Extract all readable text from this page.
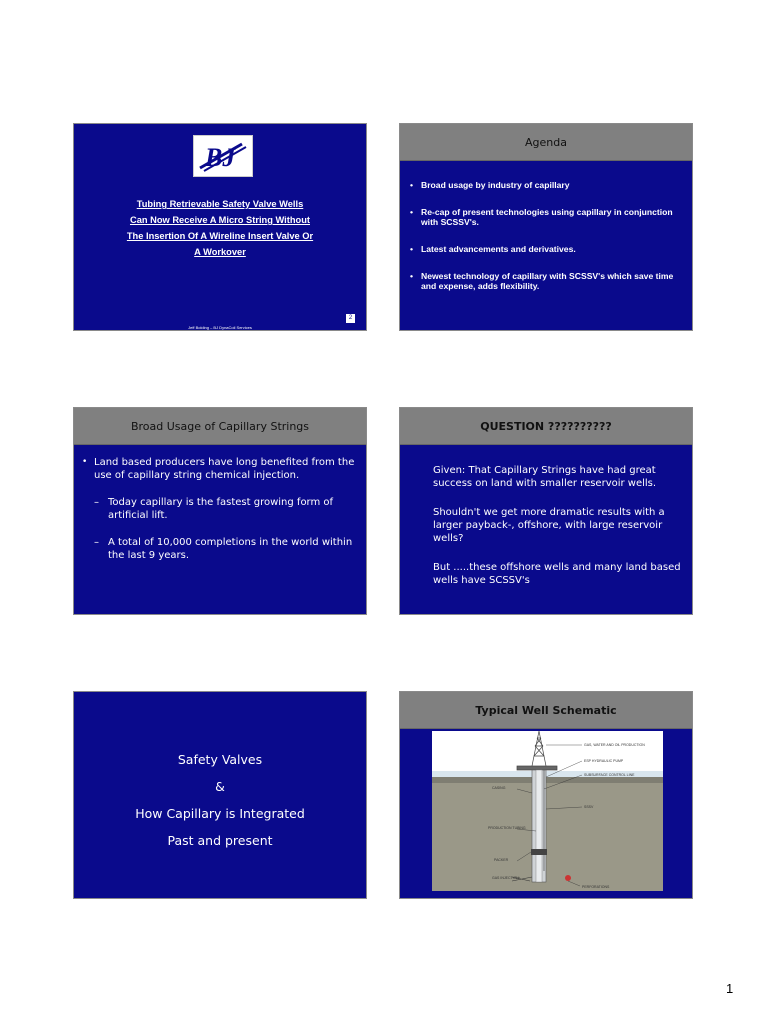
BJ
Tubing Retrievable Safety Valve Wells
Can Now Receive A Micro String Without
The Insertion Of A Wireline Insert Valve Or
A Workover
Jeff Bolding – BJ DynaCoil Services
2
Agenda
• Broad usage by industry of capillary
• Re-cap of present technologies using capillary in conjunction with SCSSV's.
• Latest advancements and derivatives.
• Newest technology of capillary with SCSSV's which save time and expense, adds flexibility.
Broad Usage of Capillary Strings
• Land based producers have long benefited from the use of capillary string chemical injection.
– Today capillary is the fastest growing form of artificial lift.
– A total of 10,000 completions in the world within the last 9 years.
QUESTION ??????????

Given: That Capillary Strings have had great success on land with smaller reservoir wells.

Shouldn't we get more dramatic results with a larger payback-, offshore, with large reservoir wells?

But .....these offshore wells and many land based wells have SCSSV's

Safety Valves
&
How Capillary is Integrated
Past and present
Typical Well Schematic
GAS, WATER AND OIL PRODUCTION
ESP HYDRAULIC PUMP
SUBSURFACE CONTROL LINE
CASING
SSSV
PRODUCTION TUBING
PACKER
GAS INJECTION
PERFORATIONS
1
